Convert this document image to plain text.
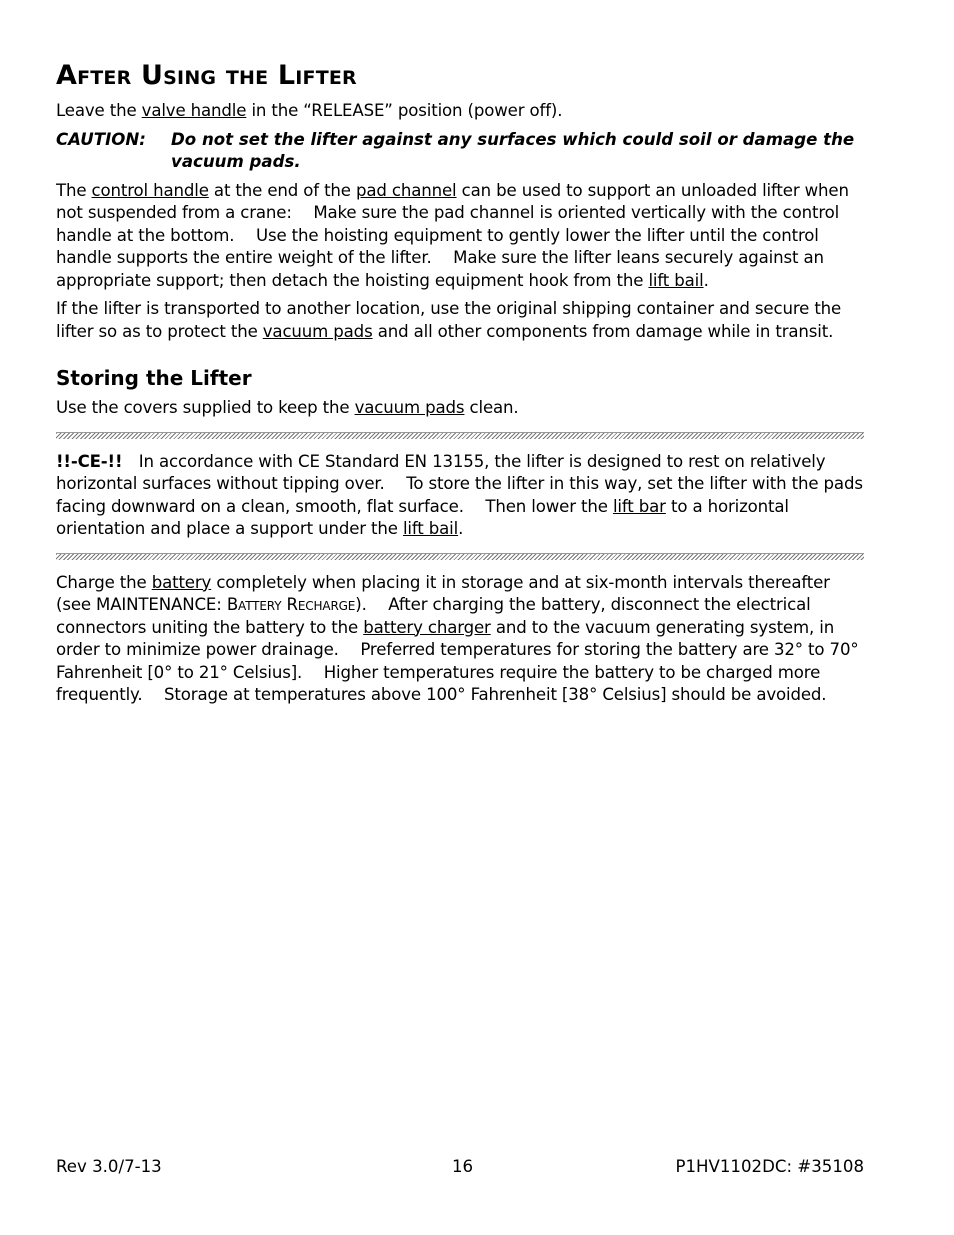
After Using the Lifter

Leave the valve handle in the “RELEASE” position (power off).

CAUTION:	Do not set the lifter against any surfaces which could soil or damage the vacuum pads.

The control handle at the end of the pad channel can be used to support an unloaded lifter when not suspended from a crane:  Make sure the pad channel is oriented vertically with the control handle at the bottom.  Use the hoisting equipment to gently lower the lifter until the control handle supports the entire weight of the lifter.  Make sure the lifter leans securely against an appropriate support; then detach the hoisting equipment hook from the lift bail.

If the lifter is transported to another location, use the original shipping container and secure the lifter so as to protect the vacuum pads and all other components from damage while in transit.

Storing the Lifter

Use the covers supplied to keep the vacuum pads clean.

!!-CE-!! In accordance with CE Standard EN 13155, the lifter is designed to rest on relatively horizontal surfaces without tipping over.  To store the lifter in this way, set the lifter with the pads facing downward on a clean, smooth, flat surface.  Then lower the lift bar to a horizontal orientation and place a support under the lift bail.

Charge the battery completely when placing it in storage and at six-month intervals thereafter (see MAINTENANCE: Battery Recharge).  After charging the battery, disconnect the electrical connectors uniting the battery to the battery charger and to the vacuum generating system, in order to minimize power drainage.  Preferred temperatures for storing the battery are 32° to 70° Fahrenheit [0° to 21° Celsius].  Higher temperatures require the battery to be charged more frequently.  Storage at temperatures above 100° Fahrenheit [38° Celsius] should be avoided.

Rev 3.0/7-13	16	P1HV1102DC: #35108
